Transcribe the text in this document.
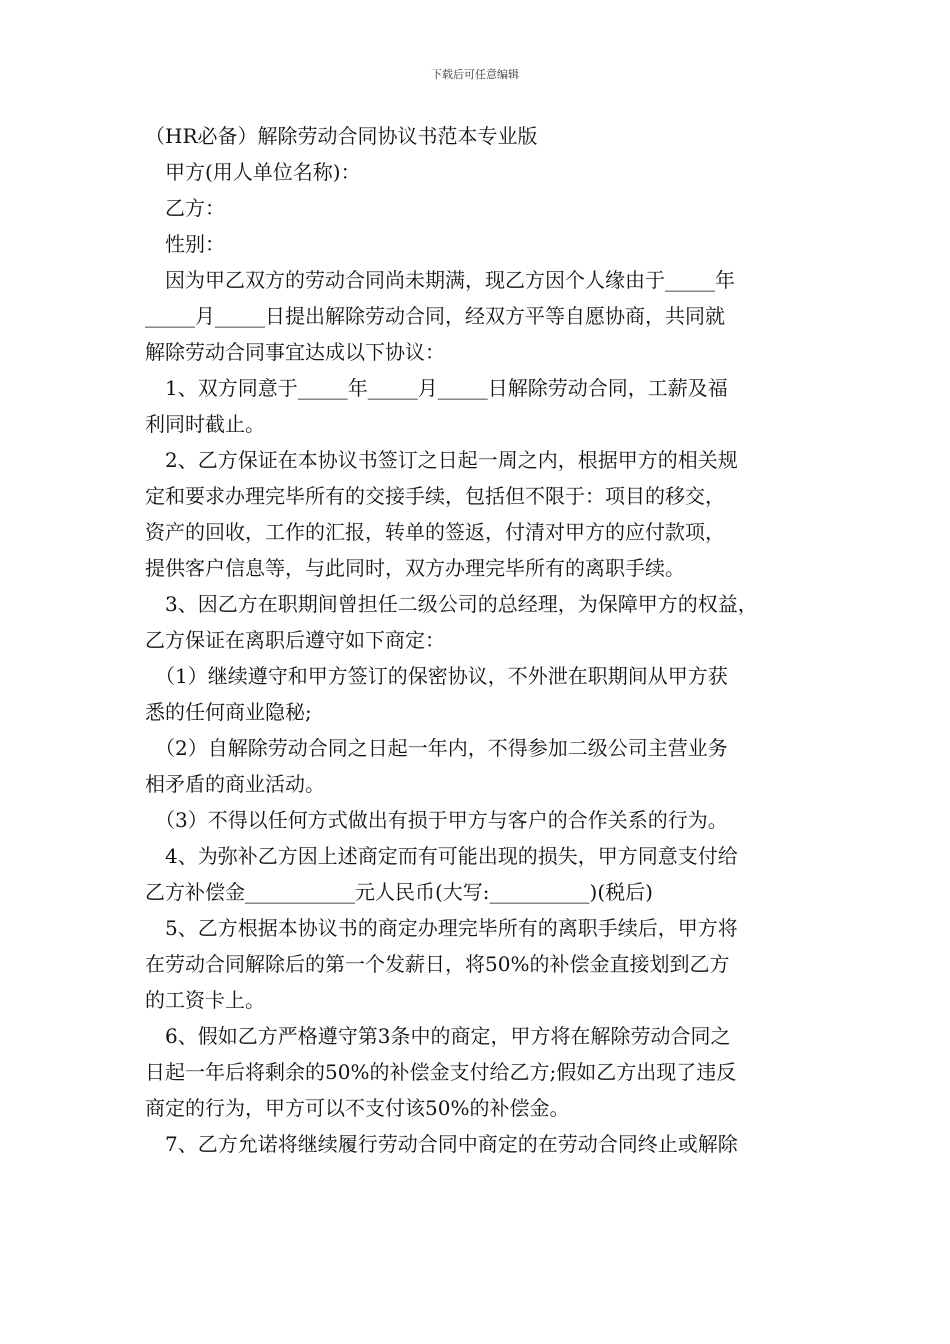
下载后可任意编辑

（HR必备）解除劳动合同协议书范本专业版

　甲方(用人单位名称)：

　乙方：

　性别：

　因为甲乙双方的劳动合同尚未期满，现乙方因个人缘由于_____年

_____月_____日提出解除劳动合同，经双方平等自愿协商，共同就

解除劳动合同事宜达成以下协议：

　1、双方同意于_____年_____月_____日解除劳动合同，工薪及福

利同时截止。

　2、乙方保证在本协议书签订之日起一周之内，根据甲方的相关规

定和要求办理完毕所有的交接手续，包括但不限于：项目的移交，

资产的回收，工作的汇报，转单的签返，付清对甲方的应付款项，

提供客户信息等，与此同时，双方办理完毕所有的离职手续。

　3、因乙方在职期间曾担任二级公司的总经理，为保障甲方的权益，

乙方保证在离职后遵守如下商定：

　（1）继续遵守和甲方签订的保密协议，不外泄在职期间从甲方获

悉的任何商业隐秘;

　（2）自解除劳动合同之日起一年内，不得参加二级公司主营业务

相矛盾的商业活动。

　（3）不得以任何方式做出有损于甲方与客户的合作关系的行为。

　4、为弥补乙方因上述商定而有可能出现的损失，甲方同意支付给

乙方补偿金___________元人民币(大写:__________)(税后)

　5、乙方根据本协议书的商定办理完毕所有的离职手续后，甲方将

在劳动合同解除后的第一个发薪日，将50%的补偿金直接划到乙方

的工资卡上。

　6、假如乙方严格遵守第3条中的商定，甲方将在解除劳动合同之

日起一年后将剩余的50%的补偿金支付给乙方;假如乙方出现了违反

商定的行为，甲方可以不支付该50%的补偿金。

　7、乙方允诺将继续履行劳动合同中商定的在劳动合同终止或解除
